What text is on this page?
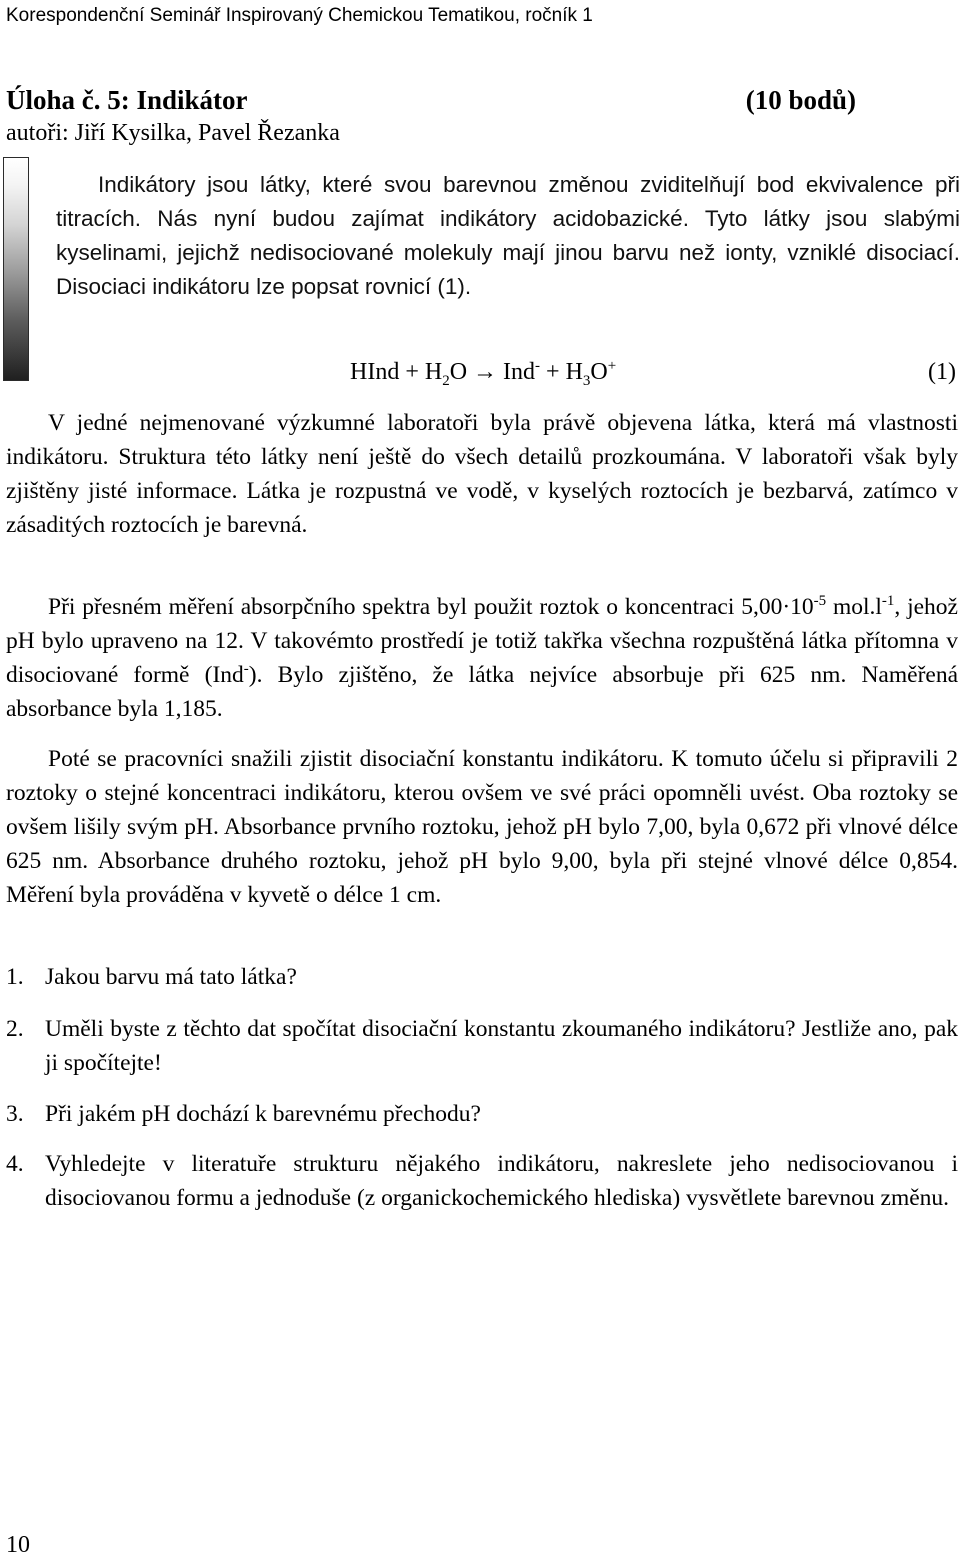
Korespondenční Seminář Inspirovaný Chemickou Tematikou, ročník 1
Úloha č. 5: Indikátor	(10 bodů)
autoři: Jiří Kysilka, Pavel Řezanka

Indikátory jsou látky, které svou barevnou změnou zviditelňují bod ekvivalence při titracích. Nás nyní budou zajímat indikátory acidobazické. Tyto látky jsou slabými kyselinami, jejichž nedisociované molekuly mají jinou barvu než ionty, vzniklé disociací. Disociaci indikátoru lze popsat rovnicí (1).

HInd + $H_2O \to Ind^- + H_3O^+$	(1)

V jedné nejmenované výzkumné laboratoři byla právě objevena látka, která má vlastnosti indikátoru. Struktura této látky není ještě do všech detailů prozkoumána. V laboratoři však byly zjištěny jisté informace. Látka je rozpustná ve vodě, v kyselých roztocích je bezbarvá, zatímco v zásaditých roztocích je barevná.

Při přesném měření absorpčního spektra byl použit roztok o koncentraci $5,00\cdot 10^{-5}$ $mol.l^{-1}$, jehož pH bylo upraveno na 12. V takovémto prostředí je totiž takřka všechna rozpuštěná látka přítomna v disociované formě (Ind-). Bylo zjištěno, že látka nejvíce absorbuje při 625 nm. Naměřená absorbance byla 1,185.

Poté se pracovníci snažili zjistit disociační konstantu indikátoru. K tomuto účelu si připravili 2 roztoky o stejné koncentraci indikátoru, kterou ovšem ve své práci opomněli uvést. Oba roztoky se ovšem lišily svým pH. Absorbance prvního roztoku, jehož pH bylo 7,00, byla 0,672 při vlnové délce 625 nm. Absorbance druhého roztoku, jehož pH bylo 9,00, byla při stejné vlnové délce 0,854. Měření byla prováděna v kyvetě o délce 1 cm.

1. Jakou barvu má tato látka?
2. Uměli byste z těchto dat spočítat disociační konstantu zkoumaného indikátoru? Jestliže ano, pak ji spočítejte!
3. Při jakém pH dochází k barevnému přechodu?
4. Vyhledejte v literatuře strukturu nějakého indikátoru, nakreslete jeho nedisociovanou i disociovanou formu a jednoduše (z organickochemického hlediska) vysvětlete barevnou změnu.
10
